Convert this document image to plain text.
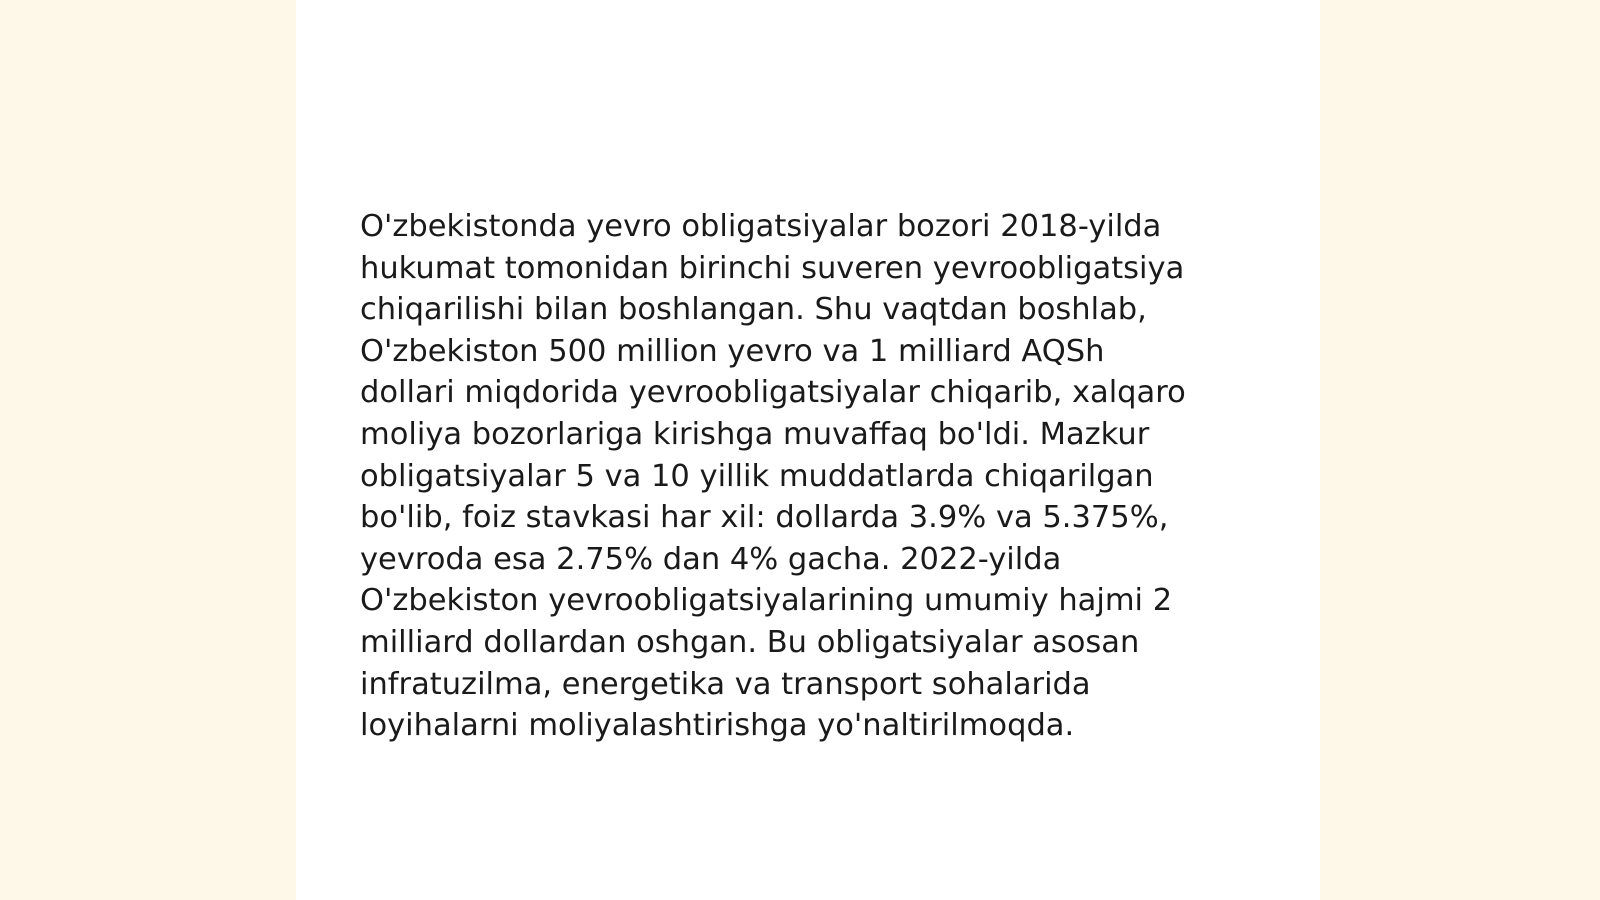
O'zbekistonda yevro obligatsiyalar bozori 2018-yilda
hukumat tomonidan birinchi suveren yevroobligatsiya
chiqarilishi bilan boshlangan. Shu vaqtdan boshlab,
O'zbekiston 500 million yevro va 1 milliard AQSh
dollari miqdorida yevroobligatsiyalar chiqarib, xalqaro
moliya bozorlariga kirishga muvaffaq bo'ldi. Mazkur
obligatsiyalar 5 va 10 yillik muddatlarda chiqarilgan
bo'lib, foiz stavkasi har xil: dollarda 3.9% va 5.375%,
yevroda esa 2.75% dan 4% gacha. 2022-yilda
O'zbekiston yevroobligatsiyalarining umumiy hajmi 2
milliard dollardan oshgan. Bu obligatsiyalar asosan
infratuzilma, energetika va transport sohalarida
loyihalarni moliyalashtirishga yo'naltirilmoqda.
